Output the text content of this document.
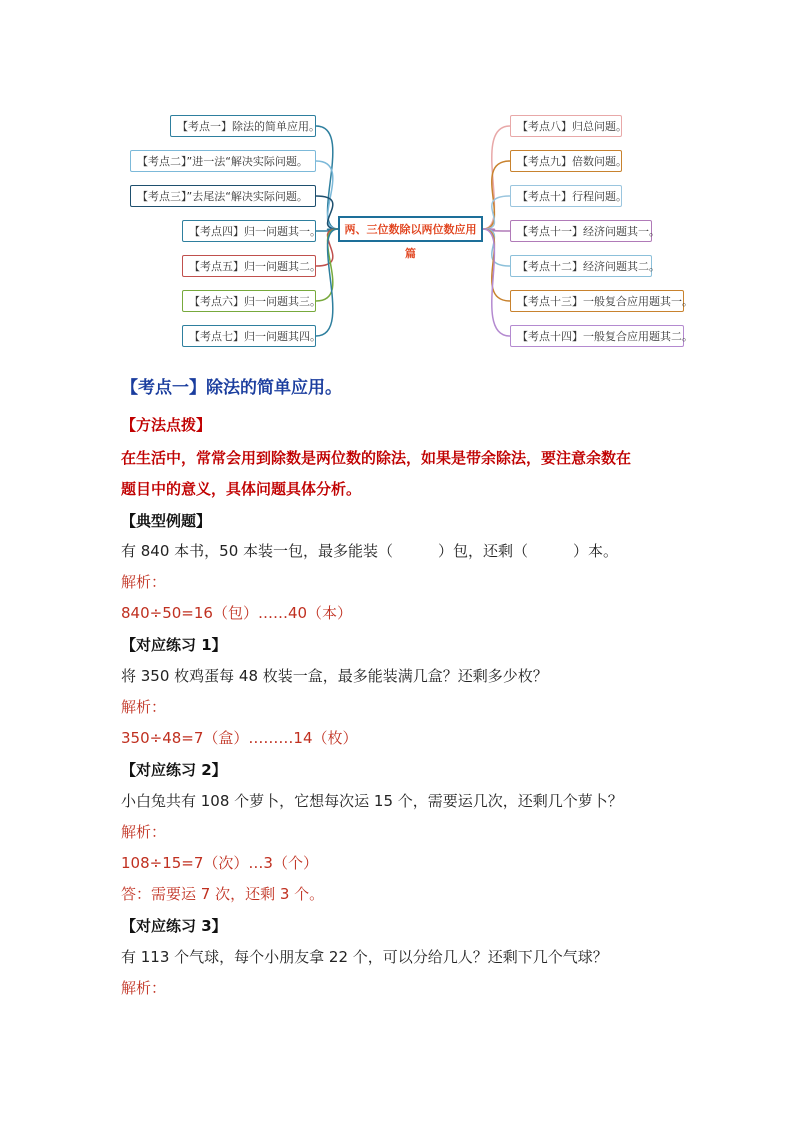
两、三位数除以两位数应用篇
【考点一】除法的简单应用。
【考点二】”进一法“解决实际问题。
【考点三】”去尾法“解决实际问题。
【考点四】归一问题其一。
【考点五】归一问题其二。
【考点六】归一问题其三。
【考点七】归一问题其四。
【考点八】归总问题。
【考点九】倍数问题。
【考点十】行程问题。
【考点十一】经济问题其一。
【考点十二】经济问题其二。
【考点十三】一般复合应用题其一。
【考点十四】一般复合应用题其二。
【考点一】除法的简单应用。
【方法点拨】
在生活中，常常会用到除数是两位数的除法，如果是带余除法，要注意余数在
题目中的意义，具体问题具体分析。
【典型例题】
有 840 本书，50 本装一包，最多能装（　　　）包，还剩（　　　）本。
解析：
840÷50=16（包）……40（本）
【对应练习 1】
将 350 枚鸡蛋每 48 枚装一盒，最多能装满几盒？还剩多少枚？
解析：
350÷48=7（盒）………14（枚）
【对应练习 2】
小白兔共有 108 个萝卜，它想每次运 15 个，需要运几次，还剩几个萝卜？
解析：
108÷15=7（次）…3（个）
答：需要运 7 次，还剩 3 个。
【对应练习 3】
有 113 个气球，每个小朋友拿 22 个，可以分给几人？还剩下几个气球？
解析：
